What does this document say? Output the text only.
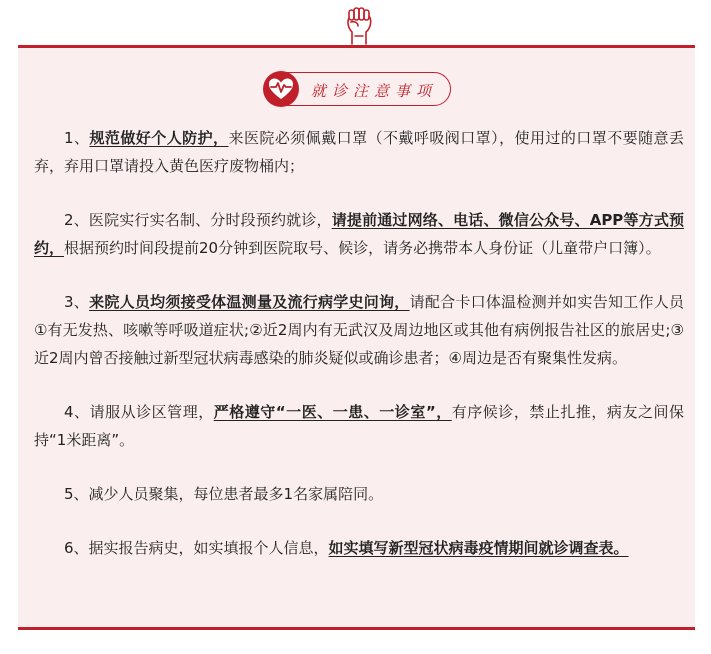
就诊注意事项

1、规范做好个人防护，来医院必须佩戴口罩（不戴呼吸阀口罩），使用过的口罩不要随意丢弃，弃用口罩请投入黄色医疗废物桶内；

2、医院实行实名制、分时段预约就诊，请提前通过网络、电话、微信公众号、APP等方式预约，根据预约时间段提前20分钟到医院取号、候诊，请务必携带本人身份证（儿童带户口簿）。

3、来院人员均须接受体温测量及流行病学史问询，请配合卡口体温检测并如实告知工作人员①有无发热、咳嗽等呼吸道症状;②近2周内有无武汉及周边地区或其他有病例报告社区的旅居史;③近2周内曾否接触过新型冠状病毒感染的肺炎疑似或确诊患者；④周边是否有聚集性发病。

4、请服从诊区管理，严格遵守“一医、一患、一诊室”，有序候诊，禁止扎推，病友之间保持“1米距离”。

5、减少人员聚集，每位患者最多1名家属陪同。

6、据实报告病史，如实填报个人信息，如实填写新型冠状病毒疫情期间就诊调查表。
